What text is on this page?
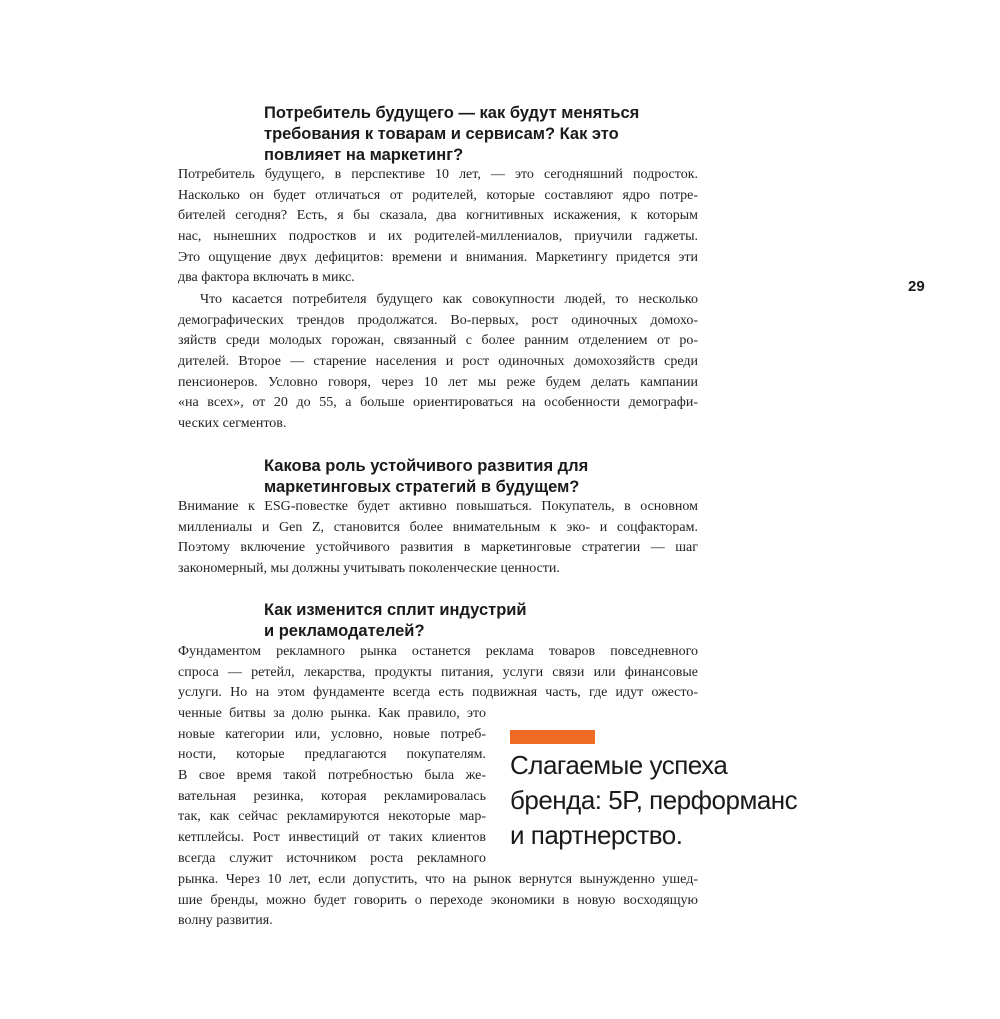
29
Потребитель будущего — как будут меняться
требования к товарам и сервисам? Как это
повлияет на маркетинг?

Потребитель будущего, в перспективе 10 лет, — это сегодняшний подросток.
Насколько он будет отличаться от родителей, которые составляют ядро потре-
бителей сегодня? Есть, я бы сказала, два когнитивных искажения, к которым
нас, нынешних подростков и их родителей-миллениалов, приучили гаджеты.
Это ощущение двух дефицитов: времени и внимания. Маркетингу придется эти
два фактора включать в микс.

Что касается потребителя будущего как совокупности людей, то несколько
демографических трендов продолжатся. Во-первых, рост одиночных домохо-
зяйств среди молодых горожан, связанный с более ранним отделением от ро-
дителей. Второе — старение населения и рост одиночных домохозяйств среди
пенсионеров. Условно говоря, через 10 лет мы реже будем делать кампании
«на всех», от 20 до 55, а больше ориентироваться на особенности демографи-
ческих сегментов.

Какова роль устойчивого развития для
маркетинговых стратегий в будущем?

Внимание к ESG-повестке будет активно повышаться. Покупатель, в основном
миллениалы и Gen Z, становится более внимательным к эко- и соцфакторам.
Поэтому включение устойчивого развития в маркетинговые стратегии — шаг
закономерный, мы должны учитывать поколенческие ценности.

Как изменится сплит индустрий
и рекламодателей?

Фундаментом рекламного рынка останется реклама товаров повседневного
спроса — ретейл, лекарства, продукты питания, услуги связи или финансовые
услуги. Но на этом фундаменте всегда есть подвижная часть, где идут ожесто-

ченные битвы за долю рынка. Как правило, это
новые категории или, условно, новые потреб-
ности, которые предлагаются покупателям.
В свое время такой потребностью была же-
вательная резинка, которая рекламировалась
так, как сейчас рекламируются некоторые мар-
кетплейсы. Рост инвестиций от таких клиентов
всегда служит источником роста рекламного

рынка. Через 10 лет, если допустить, что на рынок вернутся вынужденно ушед-
шие бренды, можно будет говорить о переходе экономики в новую восходящую
волну развития.

Слагаемые успеха
бренда: 5P, перформанс
и партнерство.
